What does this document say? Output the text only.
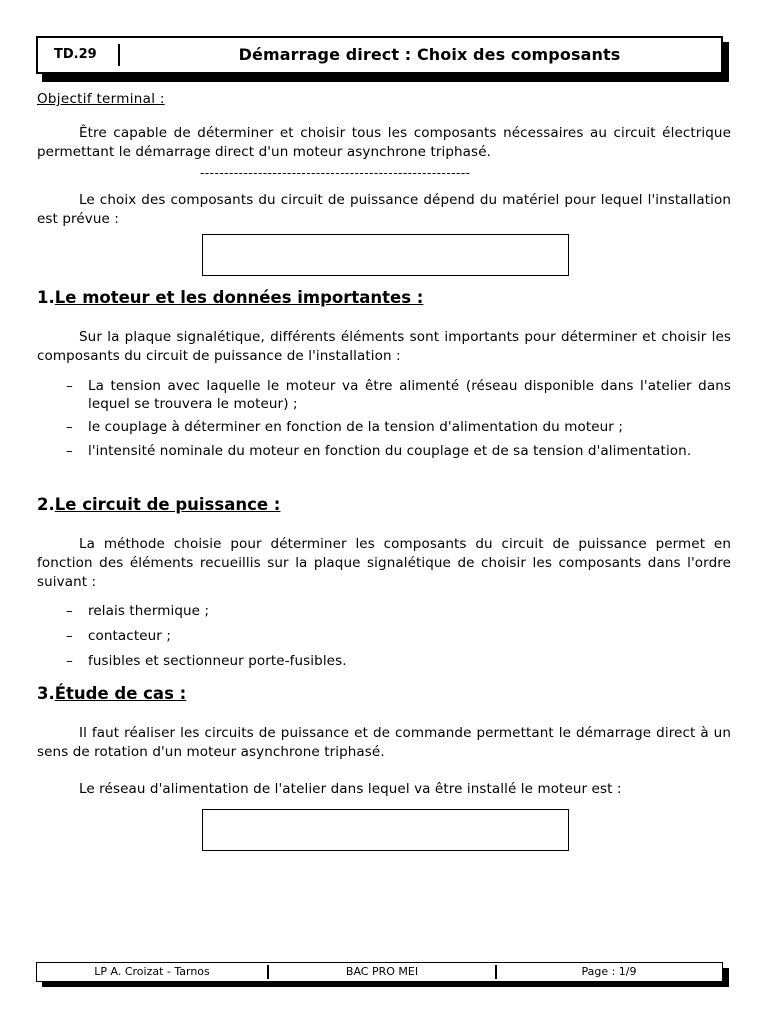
TD.29	Démarrage direct : Choix des composants
Objectif terminal :

Être capable de déterminer et choisir tous les composants nécessaires au circuit électrique permettant le démarrage direct d'un moteur asynchrone triphasé.

--------------------------------------------------------

Le choix des composants du circuit de puissance dépend du matériel pour lequel l'installation est prévue :

1.Le moteur et les données importantes :

Sur la plaque signalétique, différents éléments sont importants pour déterminer et choisir les composants du circuit de puissance de l'installation :

– La tension avec laquelle le moteur va être alimenté (réseau disponible dans l'atelier dans lequel se trouvera le moteur) ;
– le couplage à déterminer en fonction de la tension d'alimentation du moteur ;
– l'intensité nominale du moteur en fonction du couplage et de sa tension d'alimentation.
2.Le circuit de puissance :

La méthode choisie pour déterminer les composants du circuit de puissance permet en fonction des éléments recueillis sur la plaque signalétique de choisir les composants dans l'ordre suivant :

– relais thermique ;
– contacteur ;
– fusibles et sectionneur porte-fusibles.
3.Étude de cas :

Il faut réaliser les circuits de puissance et de commande permettant le démarrage direct à un sens de rotation d'un moteur asynchrone triphasé.

Le réseau d'alimentation de l'atelier dans lequel va être installé le moteur est :

LP A. Croizat - Tarnos	BAC PRO MEI	Page : 1/9
